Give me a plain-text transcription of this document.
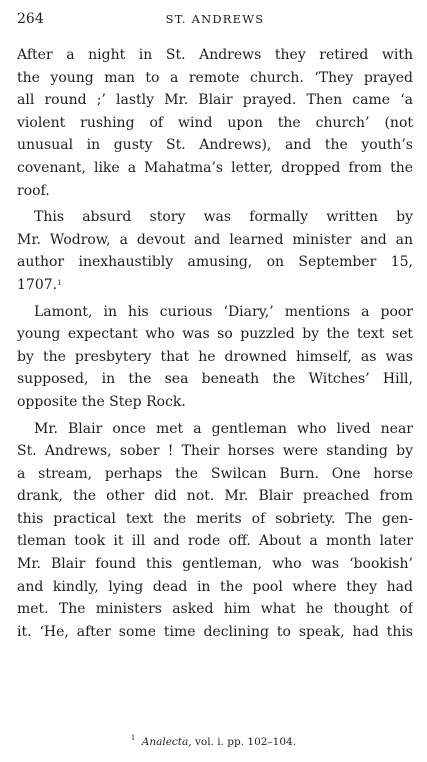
264	ST. ANDREWS
After a night in St. Andrews they retired with
the young man to a remote church. ‘They prayed
all round ;’ lastly Mr. Blair prayed. Then came ‘a
violent rushing of wind upon the church’ (not
unusual in gusty St. Andrews), and the youth’s
covenant, like a Mahatma’s letter, dropped from the
roof.
This absurd story was formally written by
Mr. Wodrow, a devout and learned minister and an
author inexhaustibly amusing, on September 15,
1707.$^1$
Lamont, in his curious ‘Diary,’ mentions a poor
young expectant who was so puzzled by the text set
by the presbytery that he drowned himself, as was
supposed, in the sea beneath the Witches’ Hill,
opposite the Step Rock.
Mr. Blair once met a gentleman who lived near
St. Andrews, sober ! Their horses were standing by
a stream, perhaps the Swilcan Burn. One horse
drank, the other did not. Mr. Blair preached from
this practical text the merits of sobriety. The gen-
tleman took it ill and rode off. About a month later
Mr. Blair found this gentleman, who was ‘bookish’
and kindly, lying dead in the pool where they had
met. The ministers asked him what he thought of
it. ‘He, after some time declining to speak, had this
$^1$ Analecta, vol. i. pp. 102–104.
